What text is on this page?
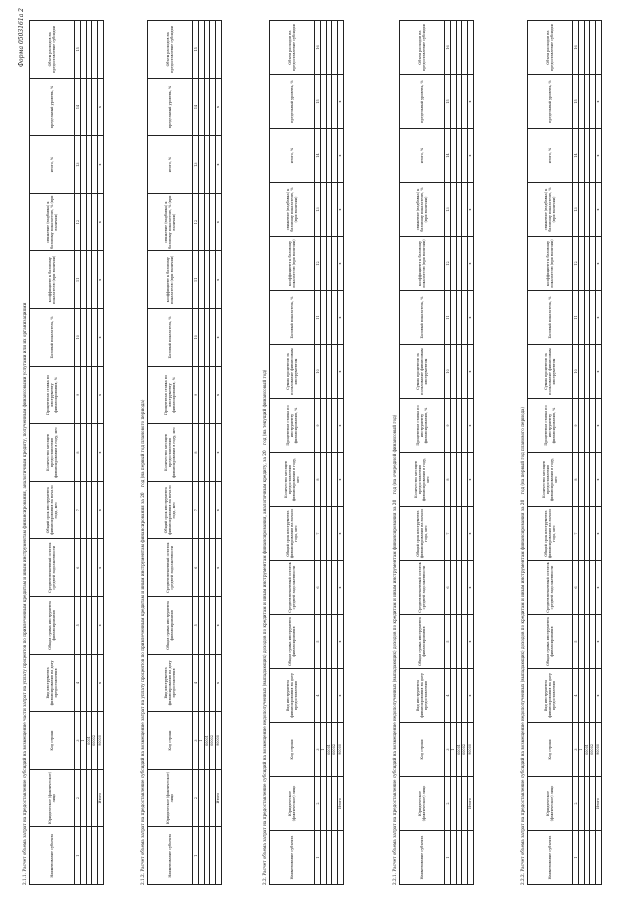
Форма 0503161а 2
2.1.1. Расчет объема затрат на предоставление субсидий на возмещение части затрат на уплату процентов по привлеченным кредитам и иным инструментам финансирования, аналогичным кредиту, полученным финансовыми услугами или их организациями	Наименование субъекта	Юридическое (фактическое) лицо	Код строки	Вид инструмента финансирования на дату предоставления	Общая сумма инструмента финансирования	Средневзвешенный остаток средней задолженности	Общий срок инструмента финансирования на начало года, мес	Количество месяцев предоставления финансирования в году, мес	Процентная ставка по инструменту финансирования, %	Базовый показатель, %	коэффициент к базовому показателю (при наличии)	снижение (надбавка) к базовому показателю, % (при наличии)	итого, %	предельный уровень, %	Объем расходов на предоставление субсидии
1	2	3	4	5	6	7	8	9	10	11	12	13	14	15
		1												
		0001												
		00002												
	Итого	90000	х	х	х	х	х	х	х	х	х	х	х	
2.1.2. Расчет объема затрат на предоставление субсидий на возмещение затрат на уплату процентов по привлеченным кредитам и иным инструментам финансирования за 20__ год (на первый год планового периода)	Наименование субъекта	Юридическое (фактическое) лицо	Код строки	Вид инструмента финансирования на дату предоставления	Общая сумма инструмента финансирования	Средневзвешенный остаток средней задолженности	Общий срок инструмента финансирования на начало года, мес	Количество месяцев предоставления финансирования в году, мес	Процентная ставка по инструменту финансирования, %	Базовый показатель, %	коэффициент к базовому показателю (при наличии)	снижение (надбавка) к базовому показателю, % (при наличии)	итого, %	предельный уровень, %	Объем расходов на предоставление субсидии
1	2	3	4	5	6	7	8	9	10	11	12	13	14	15
		1												
		00001												
		00002												
	Итого	90000	х	х	х	х	х	х	х	х	х	х	х	
2.2. Расчет объема затрат на предоставление субсидий на возмещение недополученных (выпадающих) доходов по кредитам и иным инструментам финансирования, аналогичным кредиту, за 20__ год (на текущий финансовый год)	Наименование субъекта	Юридическое (фактическое) лицо	Код строки	Вид инструмента финансирования на дату предоставления	Общая сумма инструмента финансирования	Средневзвешенный остаток средней задолженности	Общий срок инструмента финансирования на начало года, мес	Количество месяцев предоставления финансирования в году, мес	Процентная ставка по инструменту финансирования, %	Сумма процентов за пользование финансовым инструментом	Базовый показатель, %	коэффициент к базовому показателю (при наличии)	снижение (надбавка) к базовому показателю, % (при наличии)	итого, %	предельный уровень, %	Объем расходов на предоставление субсидии
1	2	3	4	5	6	7	8	9	10	11	12	13	14	15	16
		1													
		00001													
		00002													
	Итого	90000	х	х	х	х	х	х	х	х	х	х	х	х	
2.2.1. Расчет объема затрат на предоставление субсидий на возмещение недополученных (выпадающих) доходов по кредитам и иным инструментам финансирования за 20__ год (на очередной финансовый год)	Наименование субъекта	Юридическое (фактическое) лицо	Код строки	Вид инструмента финансирования на дату предоставления	Общая сумма инструмента финансирования	Средневзвешенный остаток средней задолженности	Общий срок инструмента финансирования на начало года, мес	Количество месяцев предоставления финансирования в году, мес	Процентная ставка по инструменту финансирования, %	Сумма процентов за пользование финансовым инструментом	Базовый показатель, %	коэффициент к базовому показателю (при наличии)	снижение (надбавка) к базовому показателю, % (при наличии)	итого, %	предельный уровень, %	Объем расходов на предоставление субсидии
1	2	3	4	5	6	7	8	9	10	11	12	13	14	15	16
		1													
		00001													
		00002													
	Итого	90000	х	х	х	х	х	х	х	х	х	х	х	х	
2.2.2. Расчет объема затрат на предоставление субсидий на возмещение недополученных (выпадающих) доходов по кредитам и иным инструментам финансирования за 20__ год (на первый год планового периода)	Наименование субъекта	Юридическое (фактическое) лицо	Код строки	Вид инструмента финансирования на дату предоставления	Общая сумма инструмента финансирования	Средневзвешенный остаток средней задолженности	Общий срок инструмента финансирования на начало года, мес	Количество месяцев предоставления финансирования в году, мес	Процентная ставка по инструменту финансирования, %	Сумма процентов за пользование финансовым инструментом	Базовый показатель, %	коэффициент к базовому показателю (при наличии)	снижение (надбавка) к базовому показателю, % (при наличии)	итого, %	предельный уровень, %	Объем расходов на предоставление субсидии
1	2	3	4	5	6	7	8	9	10	11	12	13	14	15	16
		1													
		00001													
		00002													
	Итого	90000	х	х	х	х	х	х	х	х	х	х	х	х	
